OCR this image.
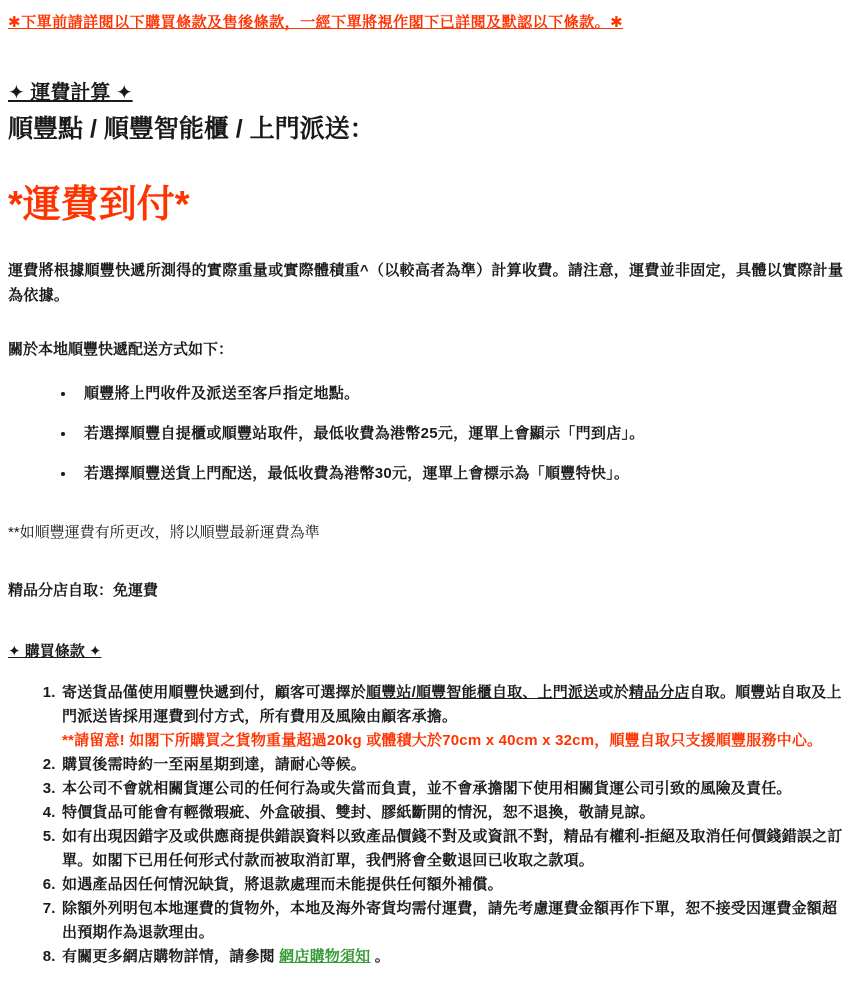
✱下單前請詳閱以下購買條款及售後條款，一經下單將視作閣下已詳閱及默認以下條款。✱

✦ 運費計算 ✦
順豐點 / 順豐智能櫃 / 上門派送：
*運費到付*

運費將根據順豐快遞所測得的實際重量或實際體積重^（以較高者為準）計算收費。請注意，運費並非固定，具體以實際計量為依據。

關於本地順豐快遞配送方式如下：

• 順豐將上門收件及派送至客戶指定地點。
• 若選擇順豐自提櫃或順豐站取件，最低收費為港幣25元，運單上會顯示「門到店」。
• 若選擇順豐送貨上門配送，最低收費為港幣30元，運單上會標示為「順豐特快」。

**如順豐運費有所更改，將以順豐最新運費為準

精品分店自取：免運費

✦ 購買條款 ✦
1. 寄送貨品僅使用順豐快遞到付，顧客可選擇於順豐站/順豐智能櫃自取、上門派送或於精品分店自取。順豐站自取及上門派送皆採用運費到付方式，所有費用及風險由顧客承擔。
**請留意! 如閣下所購買之貨物重量超過20kg 或體積大於70cm x 40cm x 32cm，順豐自取只支援順豐服務中心。
2. 購買後需時約一至兩星期到達，請耐心等候。
3. 本公司不會就相關貨運公司的任何行為或失當而負責，並不會承擔閣下使用相關貨運公司引致的風險及責任。
4. 特價貨品可能會有輕微瑕疵、外盒破損、雙封、膠紙斷開的情況，恕不退換，敬請見諒。
5. 如有出現因錯字及或供應商提供錯誤資料以致產品價錢不對及或資訊不對，精品有權利-拒絕及取消任何價錢錯誤之訂單。如閣下已用任何形式付款而被取消訂單，我們將會全數退回已收取之款項。
6. 如遇產品因任何情況缺貨，將退款處理而未能提供任何額外補償。
7. 除額外列明包本地運費的貨物外，本地及海外寄貨均需付運費，請先考慮運費金額再作下單，恕不接受因運費金額超出預期作為退款理由。
8. 有關更多網店購物詳情，請參閱 網店購物須知 。
